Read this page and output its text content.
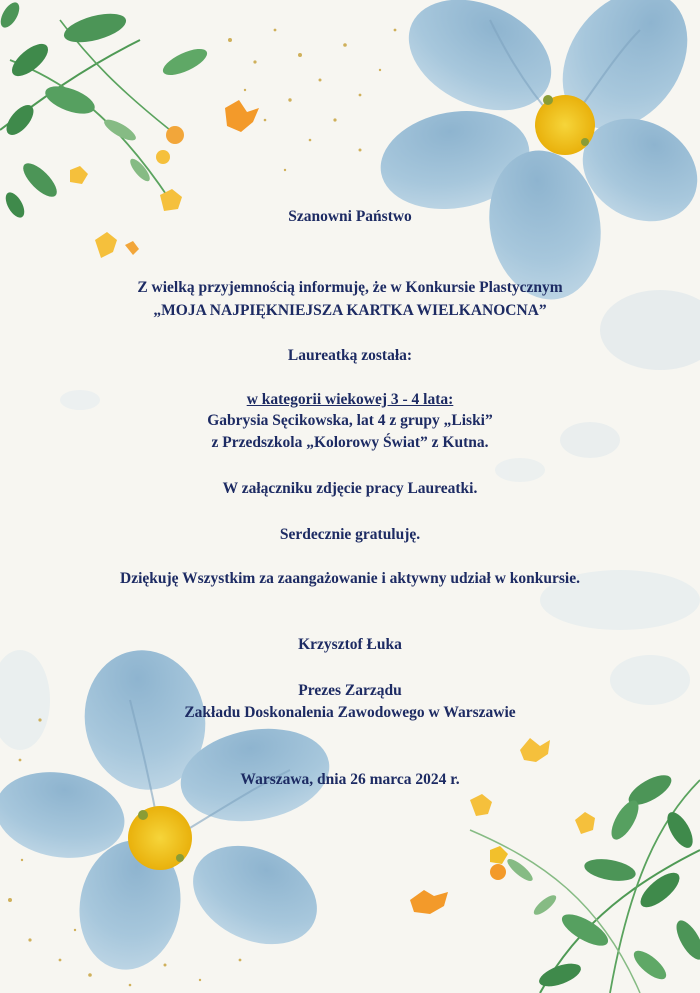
Szanowni Państwo
Z wielką przyjemnością informuję, że w Konkursie Plastycznym
„MOJA NAJPIĘKNIEJSZA KARTKA WIELKANOCNA”
Laureatką została:
w kategorii wiekowej 3 - 4 lata:
Gabrysia Sęcikowska, lat 4 z grupy „Liski”
z Przedszkola „Kolorowy Świat” z Kutna.
W załączniku zdjęcie pracy Laureatki.
Serdecznie gratuluję.
Dziękuję Wszystkim za zaangażowanie i aktywny udział w konkursie.
Krzysztof Łuka
Prezes Zarządu
Zakładu Doskonalenia Zawodowego w Warszawie
Warszawa, dnia 26 marca 2024 r.
